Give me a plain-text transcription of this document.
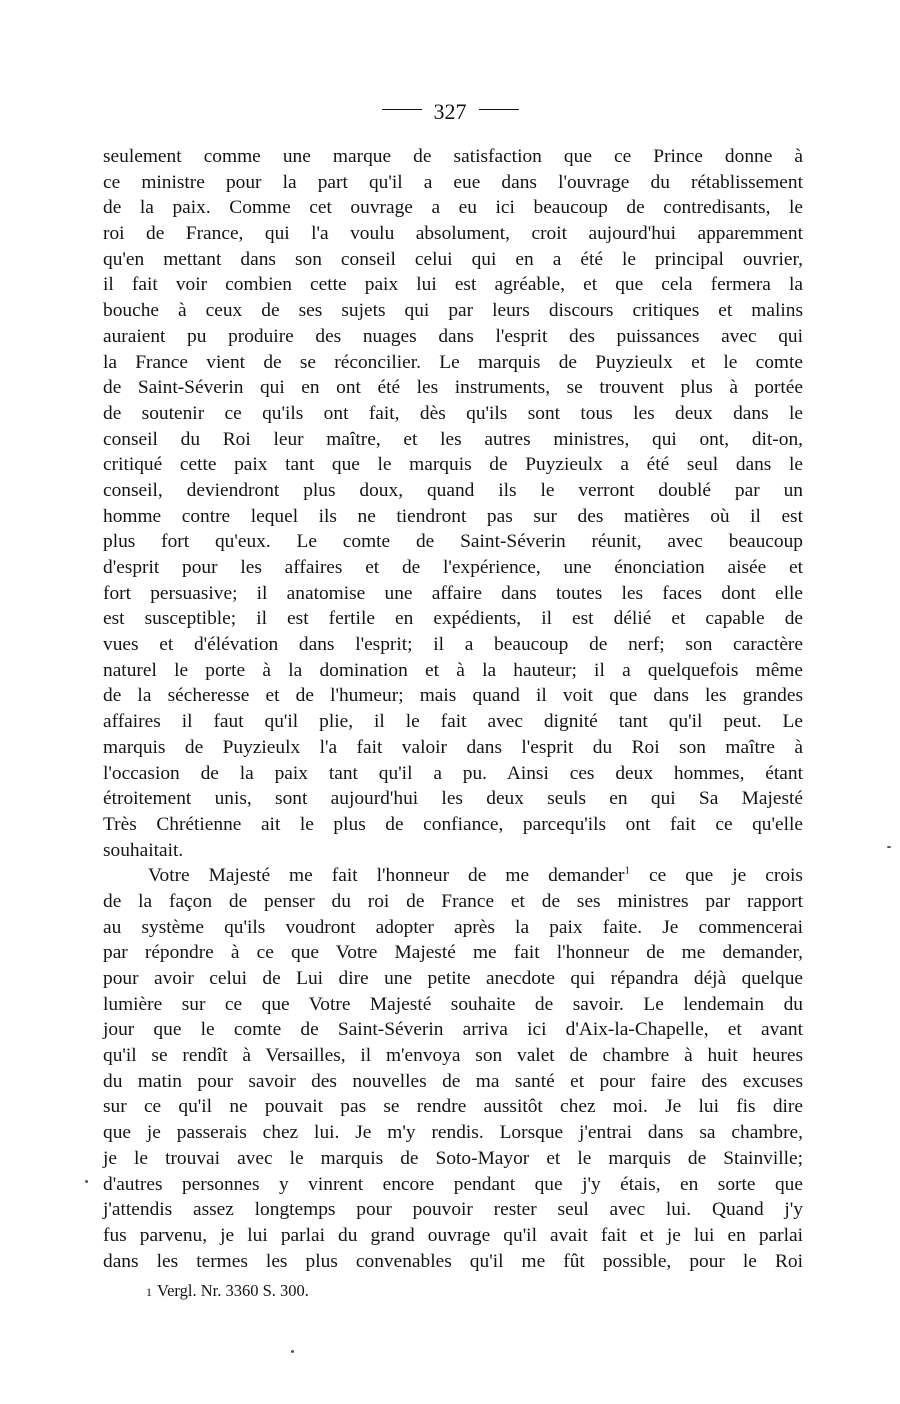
327
seulement comme une marque de satisfaction que ce Prince donne à
ce ministre pour la part qu'il a eue dans l'ouvrage du rétablissement
de la paix. Comme cet ouvrage a eu ici beaucoup de contredisants, le
roi de France, qui l'a voulu absolument, croit aujourd'hui apparemment
qu'en mettant dans son conseil celui qui en a été le principal ouvrier,
il fait voir combien cette paix lui est agréable, et que cela fermera la
bouche à ceux de ses sujets qui par leurs discours critiques et malins
auraient pu produire des nuages dans l'esprit des puissances avec qui
la France vient de se réconcilier. Le marquis de Puyzieulx et le comte
de Saint-Séverin qui en ont été les instruments, se trouvent plus à portée
de soutenir ce qu'ils ont fait, dès qu'ils sont tous les deux dans le
conseil du Roi leur maître, et les autres ministres, qui ont, dit-on,
critiqué cette paix tant que le marquis de Puyzieulx a été seul dans le
conseil, deviendront plus doux, quand ils le verront doublé par un
homme contre lequel ils ne tiendront pas sur des matières où il est
plus fort qu'eux. Le comte de Saint-Séverin réunit, avec beaucoup
d'esprit pour les affaires et de l'expérience, une énonciation aisée et
fort persuasive; il anatomise une affaire dans toutes les faces dont elle
est susceptible; il est fertile en expédients, il est délié et capable de
vues et d'élévation dans l'esprit; il a beaucoup de nerf; son caractère
naturel le porte à la domination et à la hauteur; il a quelquefois même
de la sécheresse et de l'humeur; mais quand il voit que dans les grandes
affaires il faut qu'il plie, il le fait avec dignité tant qu'il peut. Le
marquis de Puyzieulx l'a fait valoir dans l'esprit du Roi son maître à
l'occasion de la paix tant qu'il a pu. Ainsi ces deux hommes, étant
étroitement unis, sont aujourd'hui les deux seuls en qui Sa Majesté
Très Chrétienne ait le plus de confiance, parcequ'ils ont fait ce qu'elle
souhaitait.
Votre Majesté me fait l'honneur de me demander$^1$ ce que je crois
de la façon de penser du roi de France et de ses ministres par rapport
au système qu'ils voudront adopter après la paix faite. Je commencerai
par répondre à ce que Votre Majesté me fait l'honneur de me demander,
pour avoir celui de Lui dire une petite anecdote qui répandra déjà quelque
lumière sur ce que Votre Majesté souhaite de savoir. Le lendemain du
jour que le comte de Saint-Séverin arriva ici d'Aix-la-Chapelle, et avant
qu'il se rendît à Versailles, il m'envoya son valet de chambre à huit heures
du matin pour savoir des nouvelles de ma santé et pour faire des excuses
sur ce qu'il ne pouvait pas se rendre aussitôt chez moi. Je lui fis dire
que je passerais chez lui. Je m'y rendis. Lorsque j'entrai dans sa chambre,
je le trouvai avec le marquis de Soto-Mayor et le marquis de Stainville;
d'autres personnes y vinrent encore pendant que j'y étais, en sorte que
j'attendis assez longtemps pour pouvoir rester seul avec lui. Quand j'y
fus parvenu, je lui parlai du grand ouvrage qu'il avait fait et je lui en parlai
dans les termes les plus convenables qu'il me fût possible, pour le Roi
1 Vergl. Nr. 3360 S. 300.
